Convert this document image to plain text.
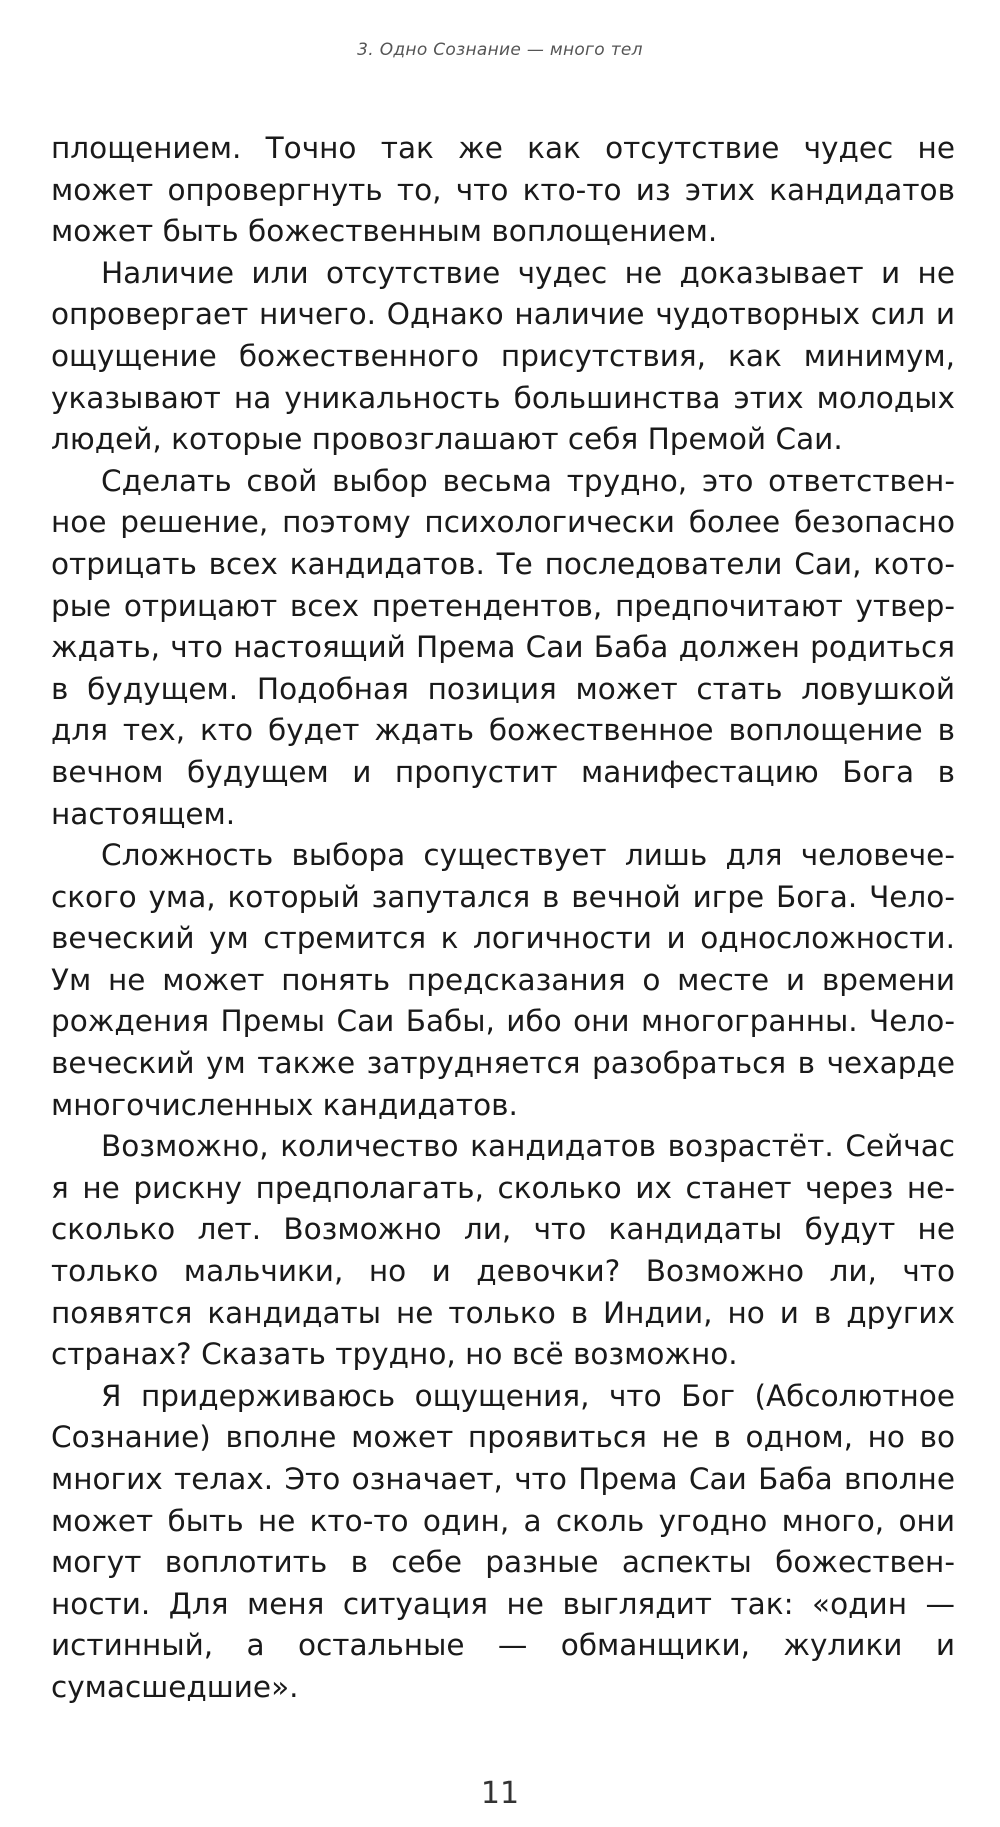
3. Одно Сознание — много тел

площением. Точно так же как отсутствие чудес не может опровергнуть то, что кто-то из этих кандидатов может быть божественным воплощением.

Наличие или отсутствие чудес не доказывает и не опровергает ничего. Однако наличие чудотворных сил и ощущение божественного присутствия, как минимум, указывают на уникальность большинства этих молодых людей, которые провозглашают себя Премой Саи.

Сделать свой выбор весьма трудно, это ответственное решение, поэтому психологически более безопасно отрицать всех кандидатов. Те последователи Саи, которые отрицают всех претендентов, предпочитают утверждать, что настоящий Према Саи Баба должен родиться в будущем. Подобная позиция может стать ловушкой для тех, кто будет ждать божественное воплощение в вечном будущем и пропустит манифестацию Бога в настоящем.

Сложность выбора существует лишь для человеческого ума, который запутался в вечной игре Бога. Человеческий ум стремится к логичности и односложности. Ум не может понять предсказания о месте и времени рождения Премы Саи Бабы, ибо они многогранны. Человеческий ум также затрудняется разобраться в чехарде многочисленных кандидатов.

Возможно, количество кандидатов возрастёт. Сейчас я не рискну предполагать, сколько их станет через несколько лет. Возможно ли, что кандидаты будут не только мальчики, но и девочки? Возможно ли, что появятся кандидаты не только в Индии, но и в других странах? Сказать трудно, но всё возможно.

Я придерживаюсь ощущения, что Бог (Абсолютное Сознание) вполне может проявиться не в одном, но во многих телах. Это означает, что Према Саи Баба вполне может быть не кто-то один, а сколь угодно много, они могут воплотить в себе разные аспекты божественности. Для меня ситуация не выглядит так: «один — истинный, а остальные — обманщики, жулики и сумасшедшие».

11
